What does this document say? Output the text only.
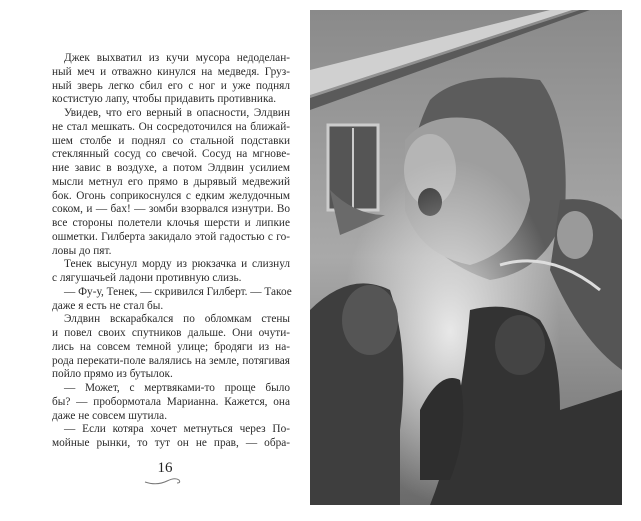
Джек выхватил из кучи мусора недоделан-
ный меч и отважно кинулся на медведя. Груз-
ный зверь легко сбил его с ног и уже поднял
костистую лапу, чтобы придавить противника.
Увидев, что его верный в опасности, Элдвин
не стал мешкать. Он сосредоточился на ближай-
шем столбе и поднял со стальной подставки
стеклянный сосуд со свечой. Сосуд на мгнове-
ние завис в воздухе, а потом Элдвин усилием
мысли метнул его прямо в дырявый медвежий
бок. Огонь соприкоснулся с едким желудочным
соком, и — бах! — зомби взорвался изнутри. Во
все стороны полетели клочья шерсти и липкие
ошметки. Гилберта закидало этой гадостью с го-
ловы до пят.
Тенек высунул морду из рюкзачка и слизнул
с лягушачьей ладони противную слизь.
— Фу-у, Тенек, — скривился Гилберт. — Такое
даже я есть не стал бы.
Элдвин вскарабкался по обломкам стены
и повел своих спутников дальше. Они очути-
лись на совсем темной улице; бродяги из на-
рода перекати-поле валялись на земле, потягивая
пойло прямо из бутылок.
— Может, с мертвяками-то проще было
бы? — пробормотала Марианна. Кажется, она
даже не совсем шутила.
— Если котяра хочет метнуться через По-
мойные рынки, то тут он не прав, — обра-
16
